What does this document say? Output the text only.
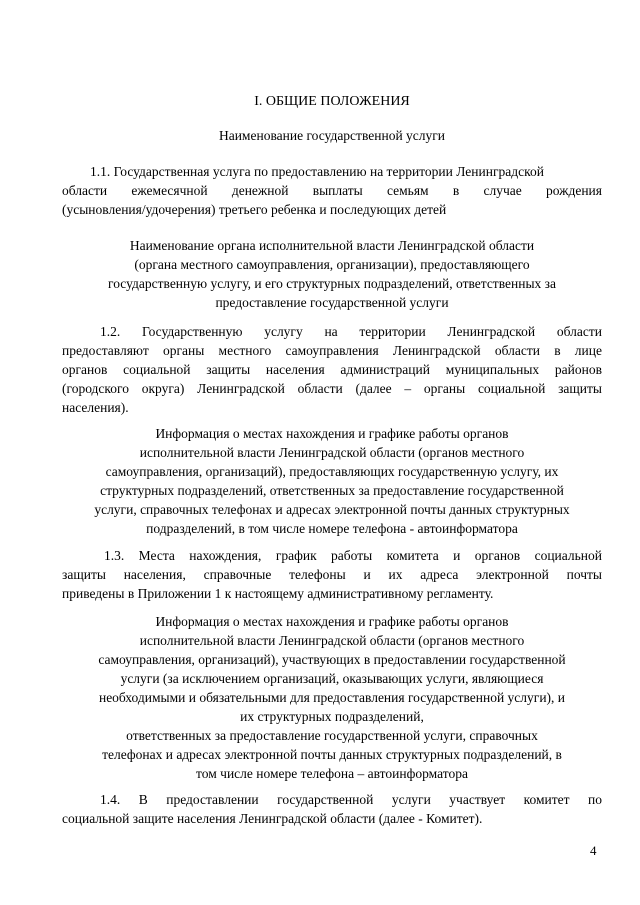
I. ОБЩИЕ ПОЛОЖЕНИЯ

Наименование государственной услуги

1.1. Государственная услуга по предоставлению на территории Ленинградской
области ежемесячной денежной выплаты семьям в случае рождения
(усыновления/удочерения) третьего ребенка и последующих детей

Наименование органа исполнительной власти Ленинградской области
(органа местного самоуправления, организации), предоставляющего
государственную услугу, и его структурных подразделений, ответственных за
предоставление государственной услуги

1.2. Государственную услугу на территории Ленинградской области
предоставляют органы местного самоуправления Ленинградской области в лице
органов социальной защиты населения администраций муниципальных районов
(городского округа) Ленинградской области (далее – органы социальной защиты
населения).

Информация о местах нахождения и графике работы органов
исполнительной власти Ленинградской области (органов местного
самоуправления, организаций), предоставляющих государственную услугу, их
структурных подразделений, ответственных за предоставление государственной
услуги, справочных телефонах и адресах электронной почты данных структурных
подразделений, в том числе номере телефона - автоинформатора

1.3. Места нахождения, график работы комитета и органов социальной
защиты населения, справочные телефоны и их адреса электронной почты
приведены в Приложении 1 к настоящему административному регламенту.

Информация о местах нахождения и графике работы органов
исполнительной власти Ленинградской области (органов местного
самоуправления, организаций), участвующих в предоставлении государственной
услуги (за исключением организаций, оказывающих услуги, являющиеся
необходимыми и обязательными для предоставления государственной услуги), и
их структурных подразделений,
ответственных за предоставление государственной услуги, справочных
телефонах и адресах электронной почты данных структурных подразделений, в
том числе номере телефона – автоинформатора

1.4. В предоставлении государственной услуги участвует комитет по
социальной защите населения Ленинградской области (далее - Комитет).

4
